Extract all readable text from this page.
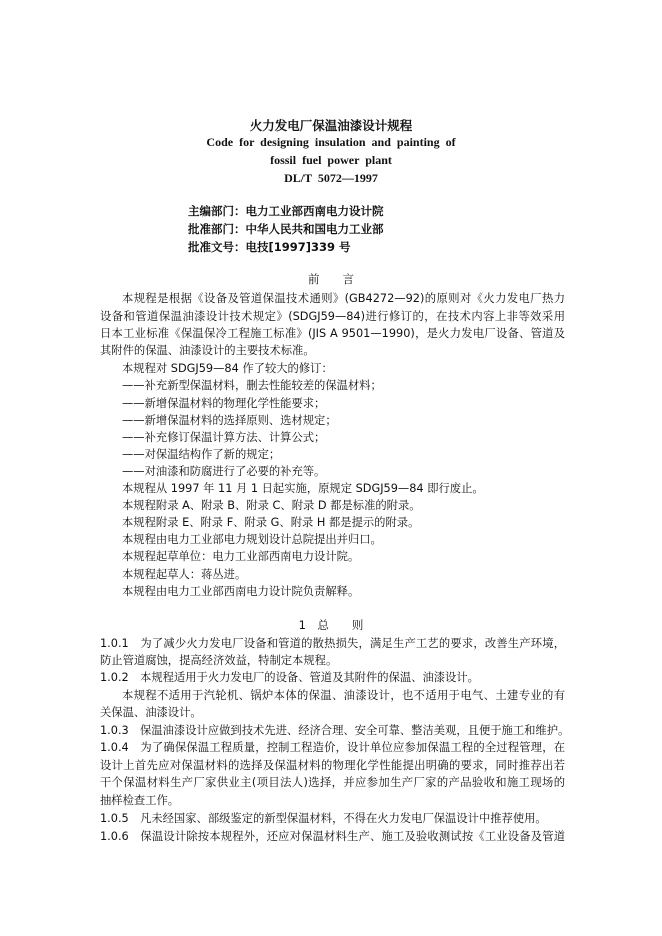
火力发电厂保温油漆设计规程
Code for designing insulation and painting of
fossil fuel power plant
DL/T 5072—1997
主编部门：电力工业部西南电力设计院
批准部门：中华人民共和国电力工业部
批准文号：电技[1997]339 号
前　　言
本规程是根据《设备及管道保温技术通则》(GB4272—92)的原则对《火力发电厂热力
设备和管道保温油漆设计技术规定》(SDGJ59—84)进行修订的，在技术内容上非等效采用
日本工业标准《保温保冷工程施工标准》(JIS A 9501—1990)，是火力发电厂设备、管道及
其附件的保温、油漆设计的主要技术标准。
本规程对 SDGJ59—84 作了较大的修订：
——补充新型保温材料，删去性能较差的保温材料；
——新增保温材料的物理化学性能要求；
——新增保温材料的选择原则、选材规定；
——补充修订保温计算方法、计算公式；
——对保温结构作了新的规定；
——对油漆和防腐进行了必要的补充等。
本规程从 1997 年 11 月 1 日起实施，原规定 SDGJ59—84 即行废止。
本规程附录 A、附录 B、附录 C、附录 D 都是标准的附录。
本规程附录 E、附录 F、附录 G、附录 H 都是提示的附录。
本规程由电力工业部电力规划设计总院提出并归口。
本规程起草单位：电力工业部西南电力设计院。
本规程起草人：蒋丛进。
本规程由电力工业部西南电力设计院负责解释。
1　总　　则
1.0.1　为了减少火力发电厂设备和管道的散热损失，满足生产工艺的要求，改善生产环境，
防止管道腐蚀，提高经济效益，特制定本规程。
1.0.2　本规程适用于火力发电厂的设备、管道及其附件的保温、油漆设计。
本规程不适用于汽轮机、锅炉本体的保温、油漆设计，也不适用于电气、土建专业的有
关保温、油漆设计。
1.0.3　保温油漆设计应做到技术先进、经济合理、安全可靠、整洁美观，且便于施工和维护。
1.0.4　为了确保保温工程质量，控制工程造价，设计单位应参加保温工程的全过程管理，在
设计上首先应对保温材料的选择及保温材料的物理化学性能提出明确的要求，同时推荐出若
干个保温材料生产厂家供业主(项目法人)选择，并应参加生产厂家的产品验收和施工现场的
抽样检查工作。
1.0.5　凡未经国家、部级鉴定的新型保温材料，不得在火力发电厂保温设计中推荐使用。
1.0.6　保温设计除按本规程外，还应对保温材料生产、施工及验收测试按《工业设备及管道
